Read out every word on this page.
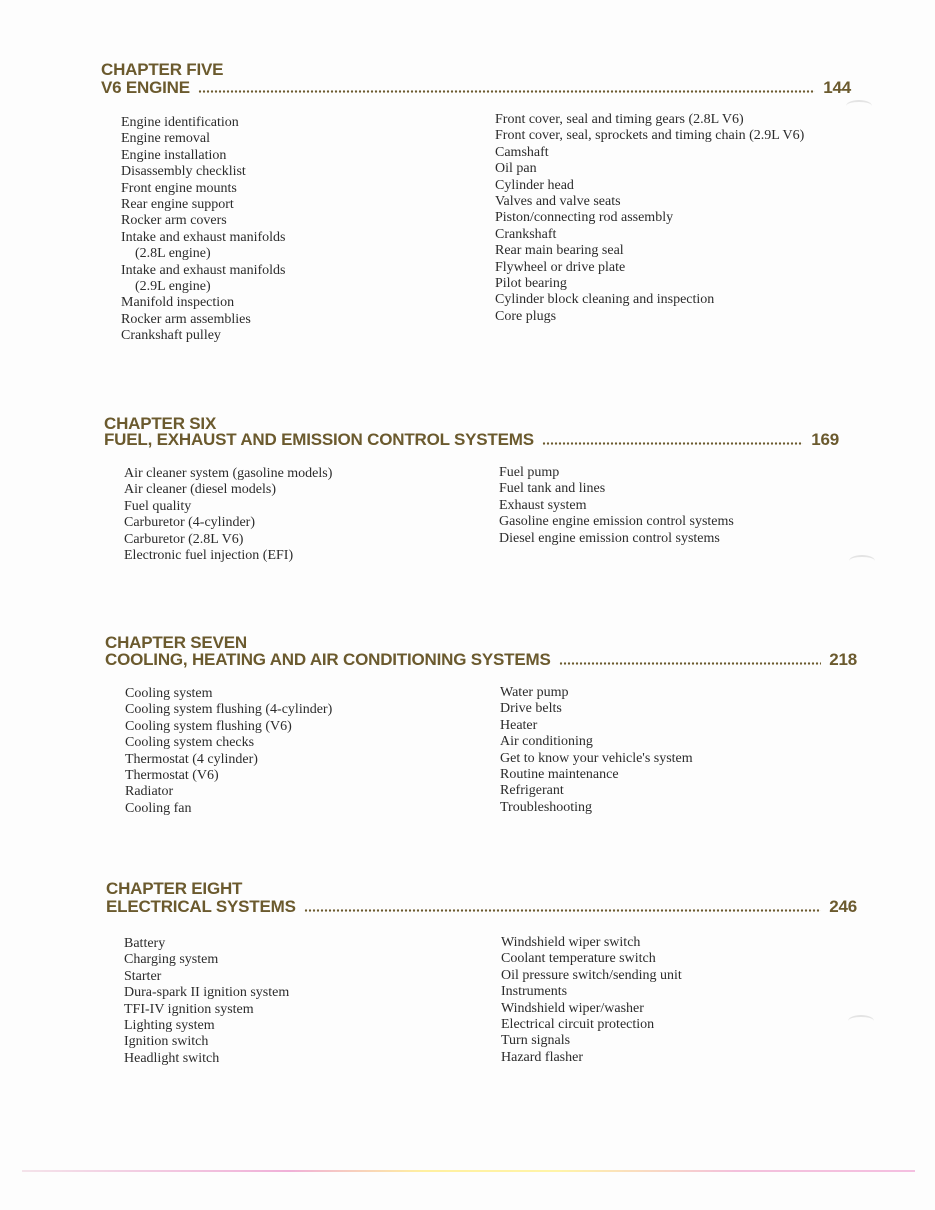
CHAPTER FIVE
V6 ENGINE	144
Engine identification
Engine removal
Engine installation
Disassembly checklist
Front engine mounts
Rear engine support
Rocker arm covers
Intake and exhaust manifolds
(2.8L engine)
Intake and exhaust manifolds
(2.9L engine)
Manifold inspection
Rocker arm assemblies
Crankshaft pulley
Front cover, seal and timing gears (2.8L V6)
Front cover, seal, sprockets and timing chain (2.9L V6)
Camshaft
Oil pan
Cylinder head
Valves and valve seats
Piston/connecting rod assembly
Crankshaft
Rear main bearing seal
Flywheel or drive plate
Pilot bearing
Cylinder block cleaning and inspection
Core plugs
CHAPTER SIX
FUEL, EXHAUST AND EMISSION CONTROL SYSTEMS	169
Air cleaner system (gasoline models)
Air cleaner (diesel models)
Fuel quality
Carburetor (4-cylinder)
Carburetor (2.8L V6)
Electronic fuel injection (EFI)
Fuel pump
Fuel tank and lines
Exhaust system
Gasoline engine emission control systems
Diesel engine emission control systems
CHAPTER SEVEN
COOLING, HEATING AND AIR CONDITIONING SYSTEMS	218
Cooling system
Cooling system flushing (4-cylinder)
Cooling system flushing (V6)
Cooling system checks
Thermostat (4 cylinder)
Thermostat (V6)
Radiator
Cooling fan
Water pump
Drive belts
Heater
Air conditioning
Get to know your vehicle's system
Routine maintenance
Refrigerant
Troubleshooting
CHAPTER EIGHT
ELECTRICAL SYSTEMS	246
Battery
Charging system
Starter
Dura-spark II ignition system
TFI-IV ignition system
Lighting system
Ignition switch
Headlight switch
Windshield wiper switch
Coolant temperature switch
Oil pressure switch/sending unit
Instruments
Windshield wiper/washer
Electrical circuit protection
Turn signals
Hazard flasher
